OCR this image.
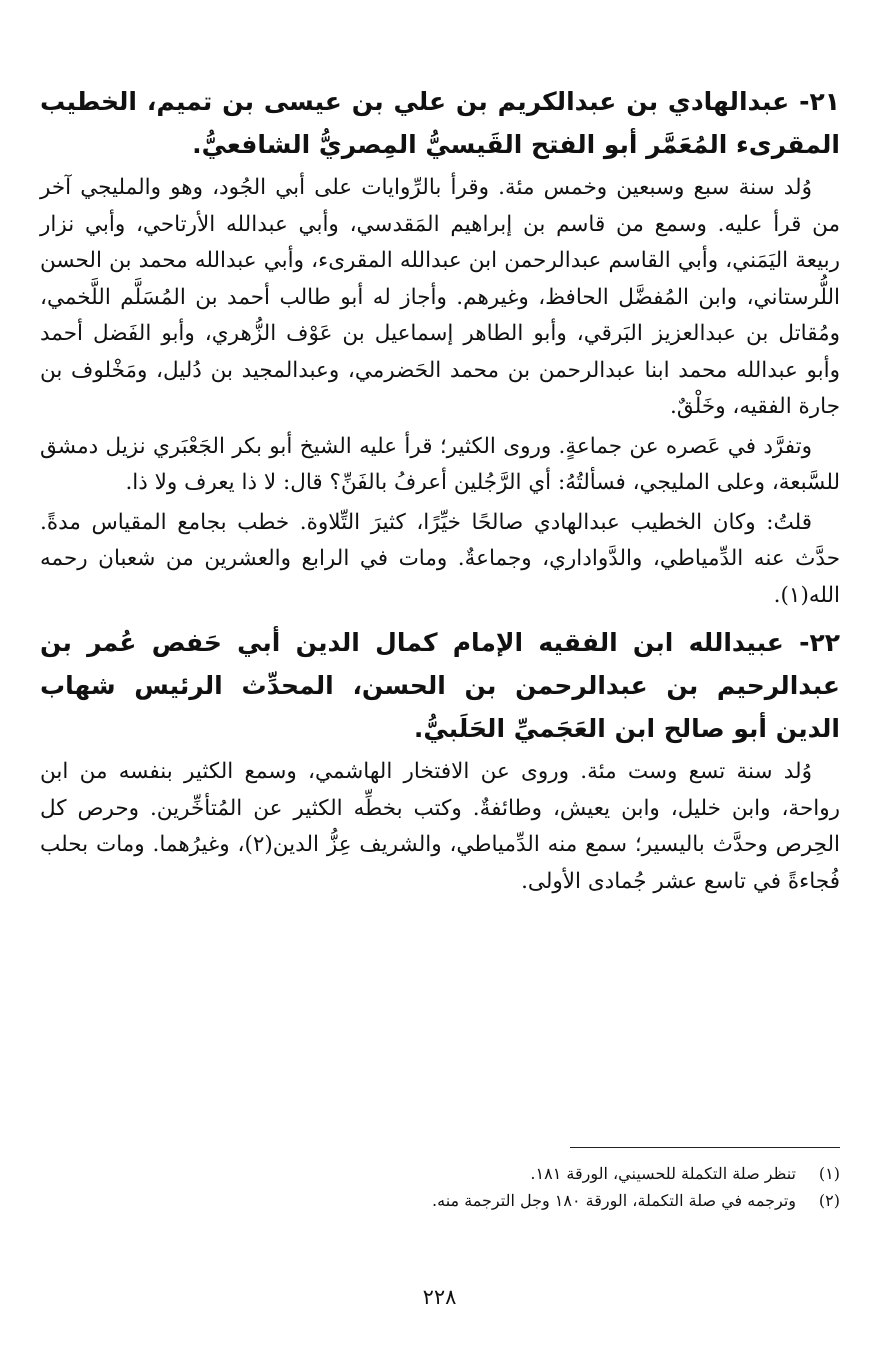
٢١- عبدالهادي بن عبدالكريم بن علي بن عيسى بن تميم، الخطيب المقرىء المُعَمَّر أبو الفتح القَيسيُّ المِصريُّ الشافعيُّ.

وُلد سنة سبع وسبعين وخمس مئة. وقرأ بالرِّوايات على أبي الجُود، وهو والمليجي آخر من قرأ عليه. وسمع من قاسم بن إبراهيم المَقدسي، وأبي عبدالله الأرتاحي، وأبي نزار ربيعة اليَمَني، وأبي القاسم عبدالرحمن ابن عبدالله المقرىء، وأبي عبدالله محمد بن الحسن اللُّرستاني، وابن المُفضَّل الحافظ، وغيرهم. وأجاز له أبو طالب أحمد بن المُسَلَّم اللَّخمي، ومُقاتل بن عبدالعزيز البَرقي، وأبو الطاهر إسماعيل بن عَوْف الزُّهري، وأبو الفَضل أحمد وأبو عبدالله محمد ابنا عبدالرحمن بن محمد الحَضرمي، وعبدالمجيد بن دُليل، ومَخْلوف بن جارة الفقيه، وخَلْقٌ.

وتفرَّد في عَصره عن جماعةٍ. وروى الكثير؛ قرأ عليه الشيخ أبو بكر الجَعْبَري نزيل دمشق للسَّبعة، وعلى المليجي، فسألتُهُ: أي الرَّجُلين أعرفُ بالفَنِّ؟ قال: لا ذا يعرف ولا ذا.

قلتُ: وكان الخطيب عبدالهادي صالحًا خيِّرًا، كثيرَ التِّلاوة. خطب بجامع المقياس مدةً. حدَّث عنه الدِّمياطي، والدَّواداري، وجماعةٌ. ومات في الرابع والعشرين من شعبان رحمه الله(١).

٢٢- عبيدالله ابن الفقيه الإمام كمال الدين أبي حَفص عُمر بن عبدالرحيم بن عبدالرحمن بن الحسن، المحدِّث الرئيس شهاب الدين أبو صالح ابن العَجَميِّ الحَلَبيُّ.

وُلد سنة تسع وست مئة. وروى عن الافتخار الهاشمي، وسمع الكثير بنفسه من ابن رواحة، وابن خليل، وابن يعيش، وطائفةٌ. وكتب بخطِّه الكثير عن المُتأخِّرين. وحرص كل الحِرص وحدَّث باليسير؛ سمع منه الدِّمياطي، والشريف عِزُّ الدين(٢)، وغيرُهما. ومات بحلب فُجاءةً في تاسع عشر جُمادى الأولى.

(١)تنظر صلة التكملة للحسيني، الورقة ١٨١.
(٢)وترجمه في صلة التكملة، الورقة ١٨٠ وجل الترجمة منه.
٢٢٨
